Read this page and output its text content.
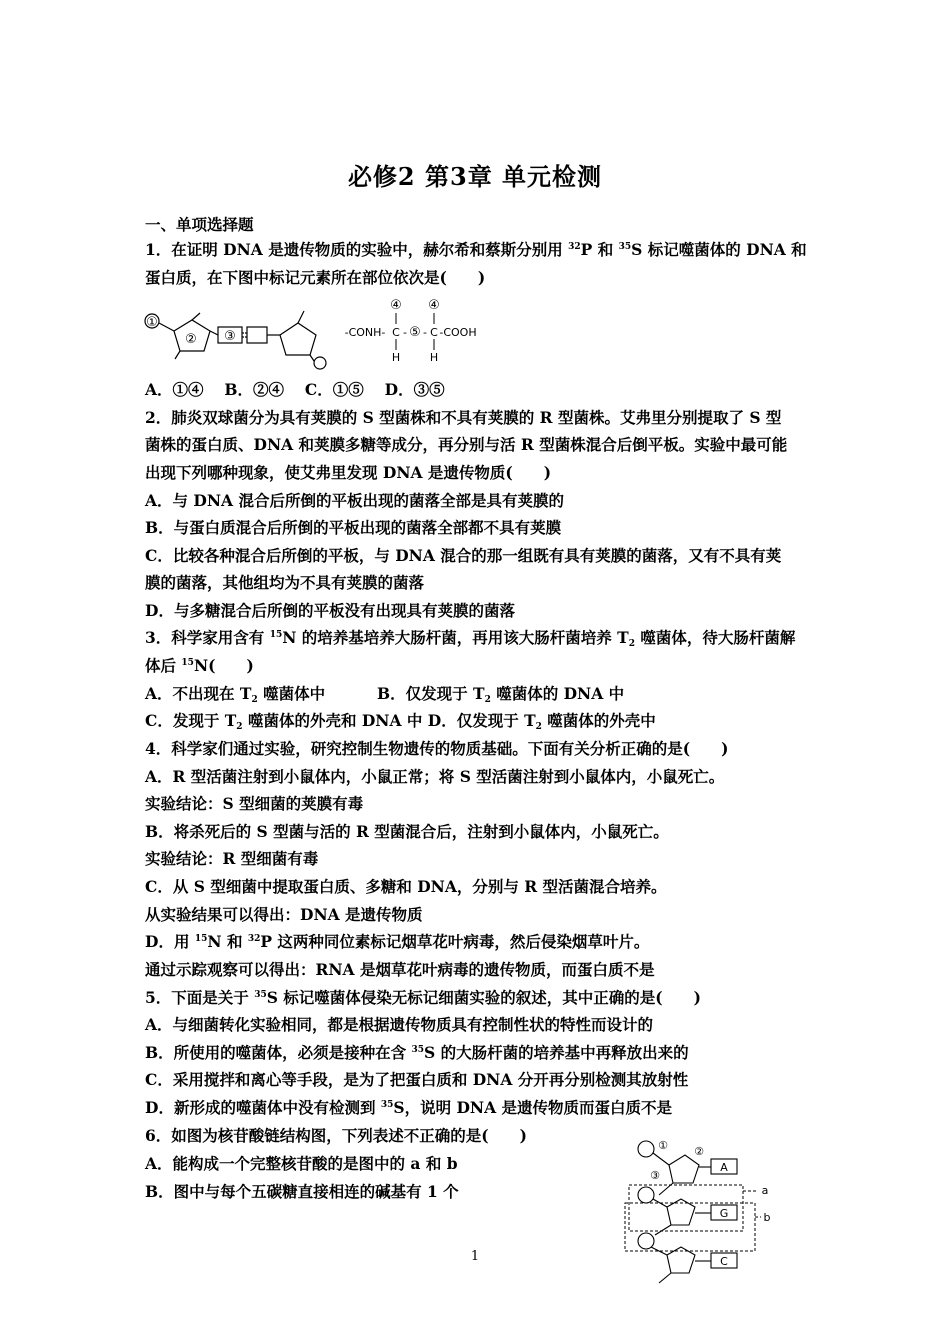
必修2 第3章 单元检测
一、单项选择题
1．在证明 DNA 是遗传物质的实验中，赫尔希和蔡斯分别用 $^{32}$P 和 $^{35}$S 标记噬菌体的 DNA 和
蛋白质，在下图中标记元素所在部位依次是(　　)
A．①④　 B．②④　 C．①⑤　 D．③⑤
2．肺炎双球菌分为具有荚膜的 S 型菌株和不具有荚膜的 R 型菌株。艾弗里分别提取了 S 型
菌株的蛋白质、DNA 和荚膜多糖等成分，再分别与活 R 型菌株混合后倒平板。实验中最可能
出现下列哪种现象，使艾弗里发现 DNA 是遗传物质(　　)
A．与 DNA 混合后所倒的平板出现的菌落全部是具有荚膜的
B．与蛋白质混合后所倒的平板出现的菌落全部都不具有荚膜
C．比较各种混合后所倒的平板，与 DNA 混合的那一组既有具有荚膜的菌落，又有不具有荚
膜的菌落，其他组均为不具有荚膜的菌落
D．与多糖混合后所倒的平板没有出现具有荚膜的菌落
3．科学家用含有 $^{15}$N 的培养基培养大肠杆菌，再用该大肠杆菌培养 $T_2$ 噬菌体，待大肠杆菌解
体后 $^{15}$N(　　)
A．不出现在 $T_2$ 噬菌体中　　　 B．仅发现于 $T_2$ 噬菌体的 DNA 中
C．发现于 $T_2$ 噬菌体的外壳和 DNA 中 D．仅发现于 $T_2$ 噬菌体的外壳中
4．科学家们通过实验，研究控制生物遗传的物质基础。下面有关分析正确的是(　　)
A．R 型活菌注射到小鼠体内，小鼠正常；将 S 型活菌注射到小鼠体内，小鼠死亡。
实验结论：S 型细菌的荚膜有毒
B．将杀死后的 S 型菌与活的 R 型菌混合后，注射到小鼠体内，小鼠死亡。
实验结论：R 型细菌有毒
C．从 S 型细菌中提取蛋白质、多糖和 DNA，分别与 R 型活菌混合培养。
从实验结果可以得出：DNA 是遗传物质
D．用 $^{15}$N 和 $^{32}$P 这两种同位素标记烟草花叶病毒，然后侵染烟草叶片。
通过示踪观察可以得出：RNA 是烟草花叶病毒的遗传物质，而蛋白质不是
5．下面是关于 $^{35}$S 标记噬菌体侵染无标记细菌实验的叙述，其中正确的是(　　)
A．与细菌转化实验相同，都是根据遗传物质具有控制性状的特性而设计的
B．所使用的噬菌体，必须是接种在含 $^{35}$S 的大肠杆菌的培养基中再释放出来的
C．采用搅拌和离心等手段，是为了把蛋白质和 DNA 分开再分别检测其放射性
D．新形成的噬菌体中没有检测到 $^{35}$S，说明 DNA 是遗传物质而蛋白质不是
6．如图为核苷酸链结构图，下列表述不正确的是(　　)
A．能构成一个完整核苷酸的是图中的 a 和 b
B．图中与每个五碳糖直接相连的碱基有 1 个
①
② ③
④ ④
-CONH- C - ⑤ - C -COOH
H	H
① ②
③
A
G
C
a
b
1
